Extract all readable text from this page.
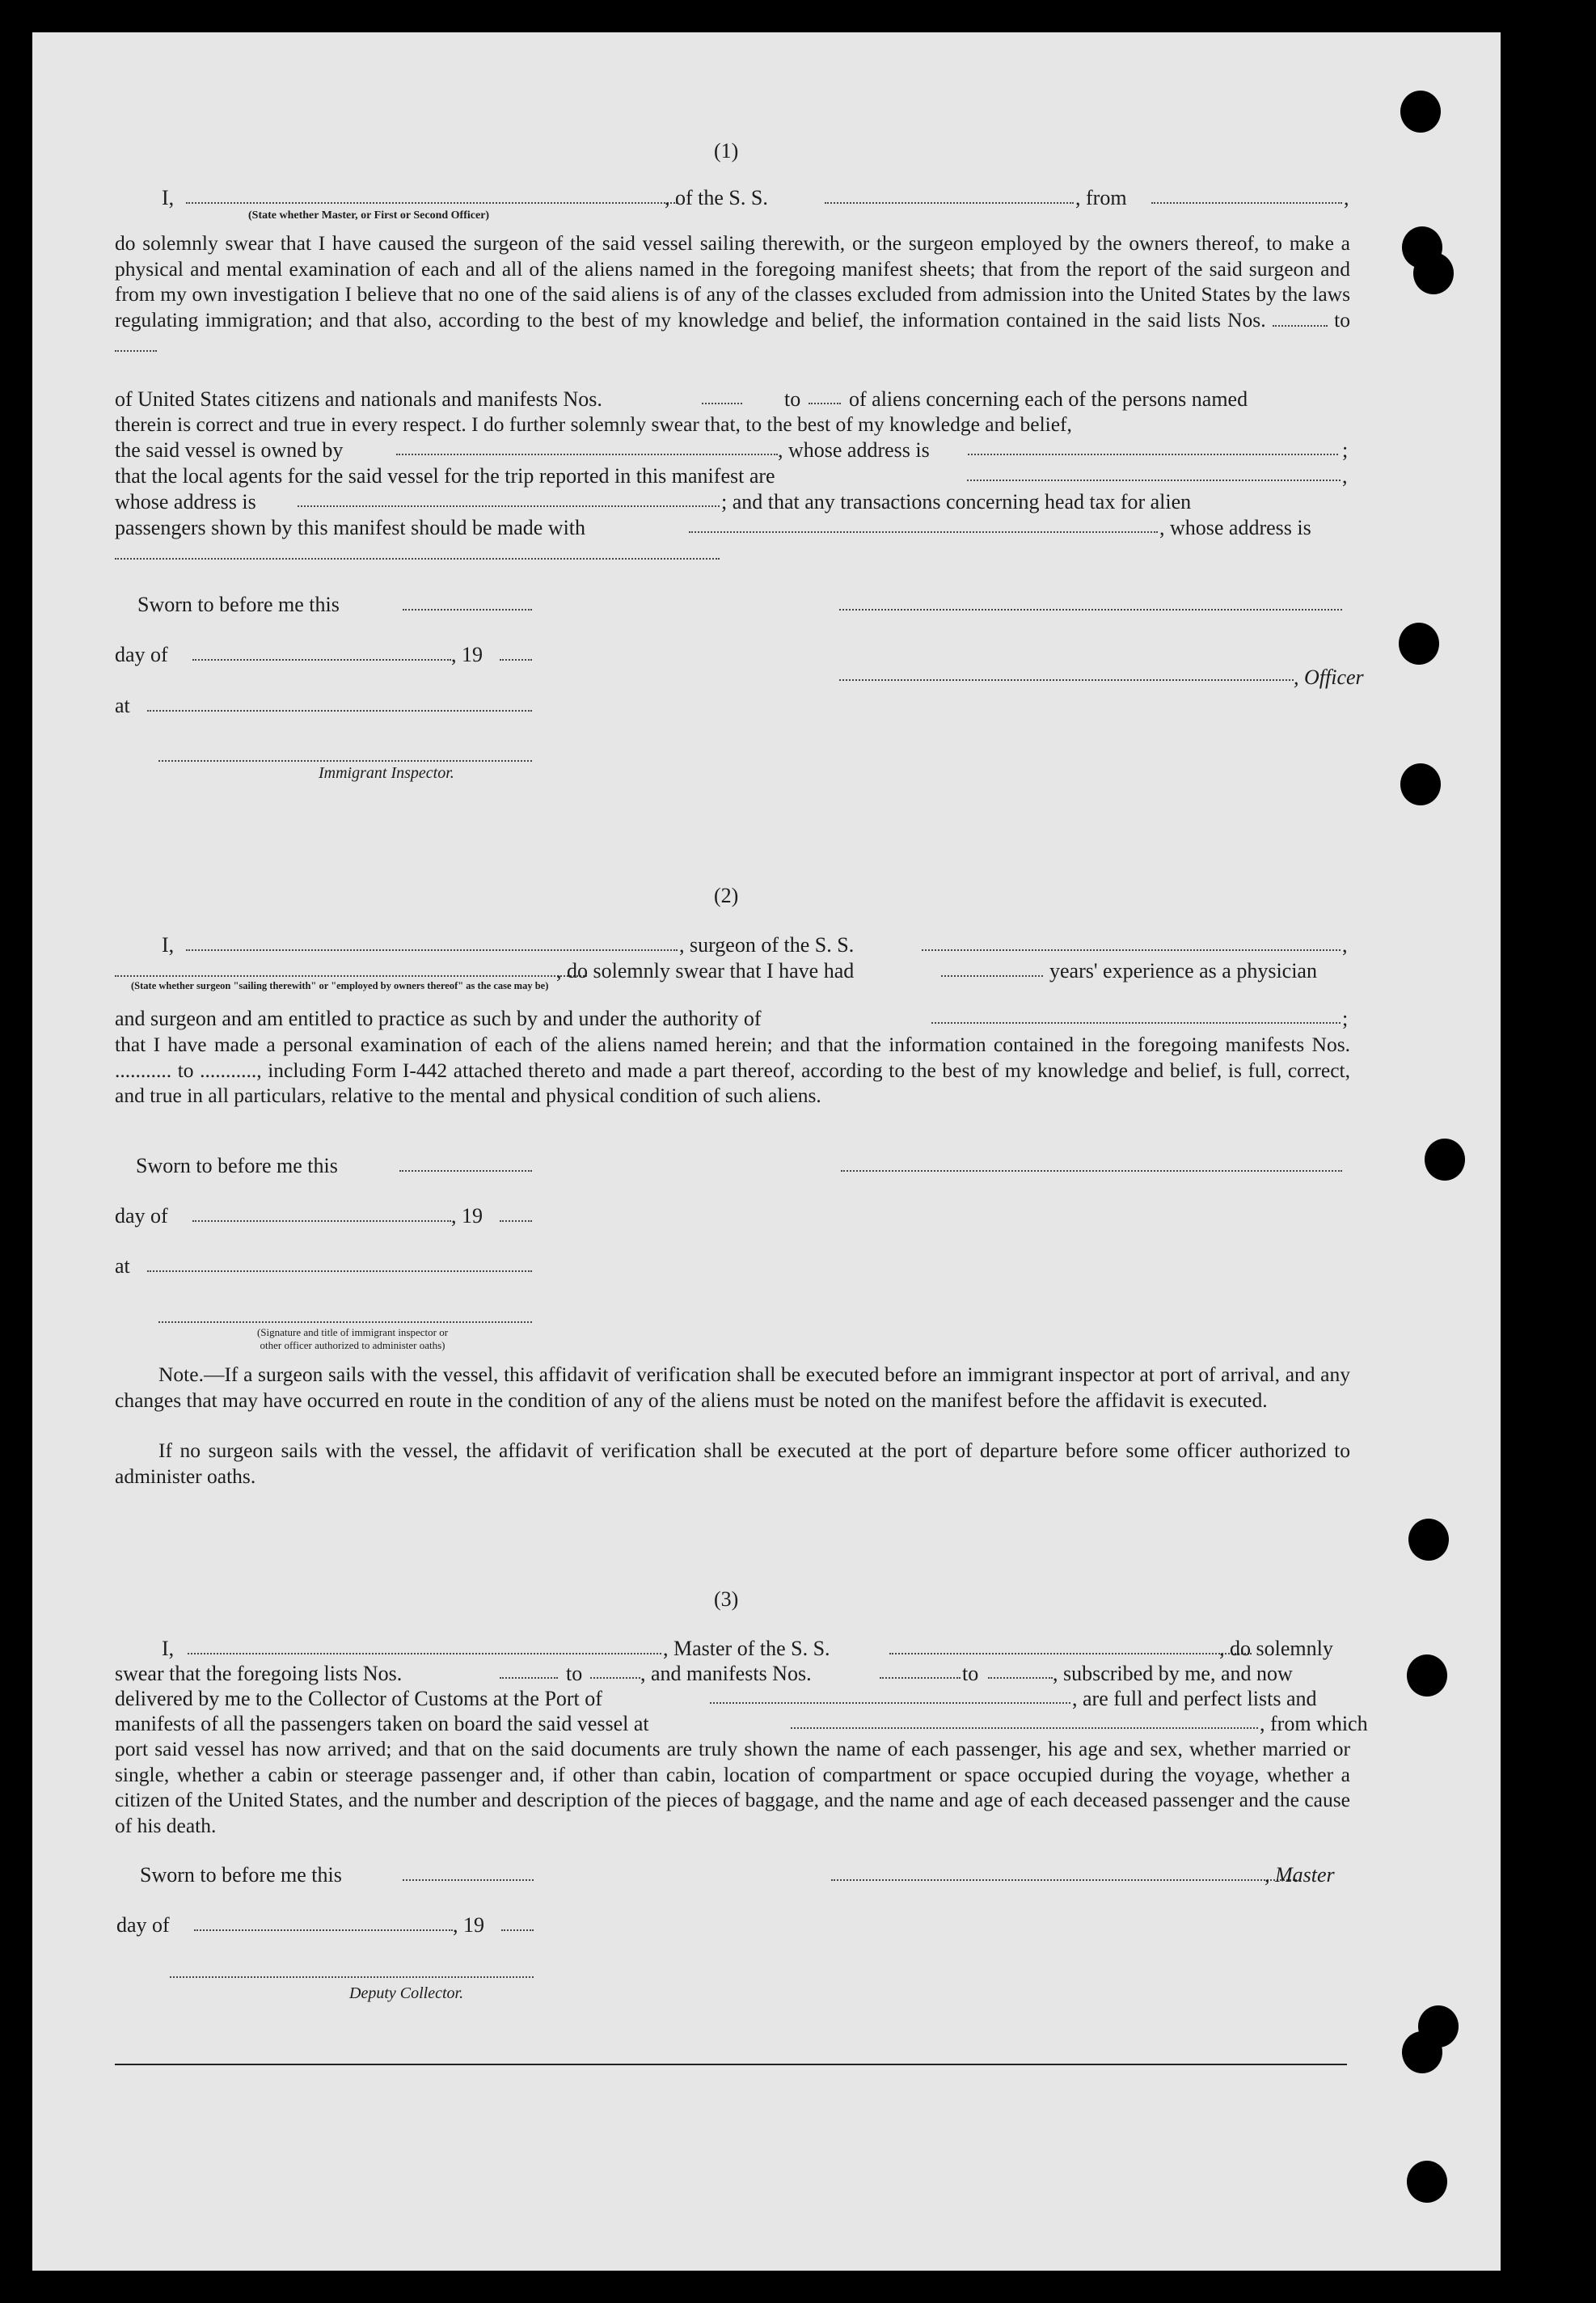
(1)
I,	, of the S. S.	, from	,
(State whether Master, or First or Second Officer)
do solemnly swear that I have caused the surgeon of the said vessel sailing therewith, or the surgeon employed by the owners thereof, to make a physical and mental examination of each and all of the aliens named in the foregoing manifest sheets; that from the report of the said surgeon and from my own investigation I believe that no one of the said aliens is of any of the classes excluded from admission into the United States by the laws regulating immigration; and that also, according to the best of my knowledge and belief, the information contained in the said lists Nos.	to
of United States citizens and nationals and manifests Nos.	to of aliens concerning each of the persons named
therein is correct and true in every respect. I do further solemnly swear that, to the best of my knowledge and belief,
the said vessel is owned by	, whose address is	;
that the local agents for the said vessel for the trip reported in this manifest are	,
whose address is	; and that any transactions concerning head tax for alien
passengers shown by this manifest should be made with	, whose address is
Sworn to before me this
day of	, 19
, Officer
at
Immigrant Inspector.
(2)
I,	, surgeon of the S. S.	,
, do solemnly swear that I have had	years' experience as a physician
(State whether surgeon "sailing therewith" or "employed by owners thereof" as the case may be)
and surgeon and am entitled to practice as such by and under the authority of	;
that I have made a personal examination of each of the aliens named herein; and that the information contained in the foregoing manifests Nos. ........... to ..........., including Form I-442 attached thereto and made a part thereof, according to the best of my knowledge and belief, is full, correct, and true in all particulars, relative to the mental and physical condition of such aliens.
Sworn to before me this
day of	, 19
at
(Signature and title of immigrant inspector or
other officer authorized to administer oaths)
Note.—If a surgeon sails with the vessel, this affidavit of verification shall be executed before an immigrant inspector at port of arrival, and any changes that may have occurred en route in the condition of any of the aliens must be noted on the manifest before the affidavit is executed.
If no surgeon sails with the vessel, the affidavit of verification shall be executed at the port of departure before some officer authorized to administer oaths.
(3)
I,	, Master of the S. S.	, do solemnly
swear that the foregoing lists Nos.	to	, and manifests Nos.	to	, subscribed by me, and now
delivered by me to the Collector of Customs at the Port of	, are full and perfect lists and
manifests of all the passengers taken on board the said vessel at	, from which
port said vessel has now arrived; and that on the said documents are truly shown the name of each passenger, his age and sex, whether married or single, whether a cabin or steerage passenger and, if other than cabin, location of compartment or space occupied during the voyage, whether a citizen of the United States, and the number and description of the pieces of baggage, and the name and age of each deceased passenger and the cause of his death.
Sworn to before me this	, Master
day of	, 19
Deputy Collector.
